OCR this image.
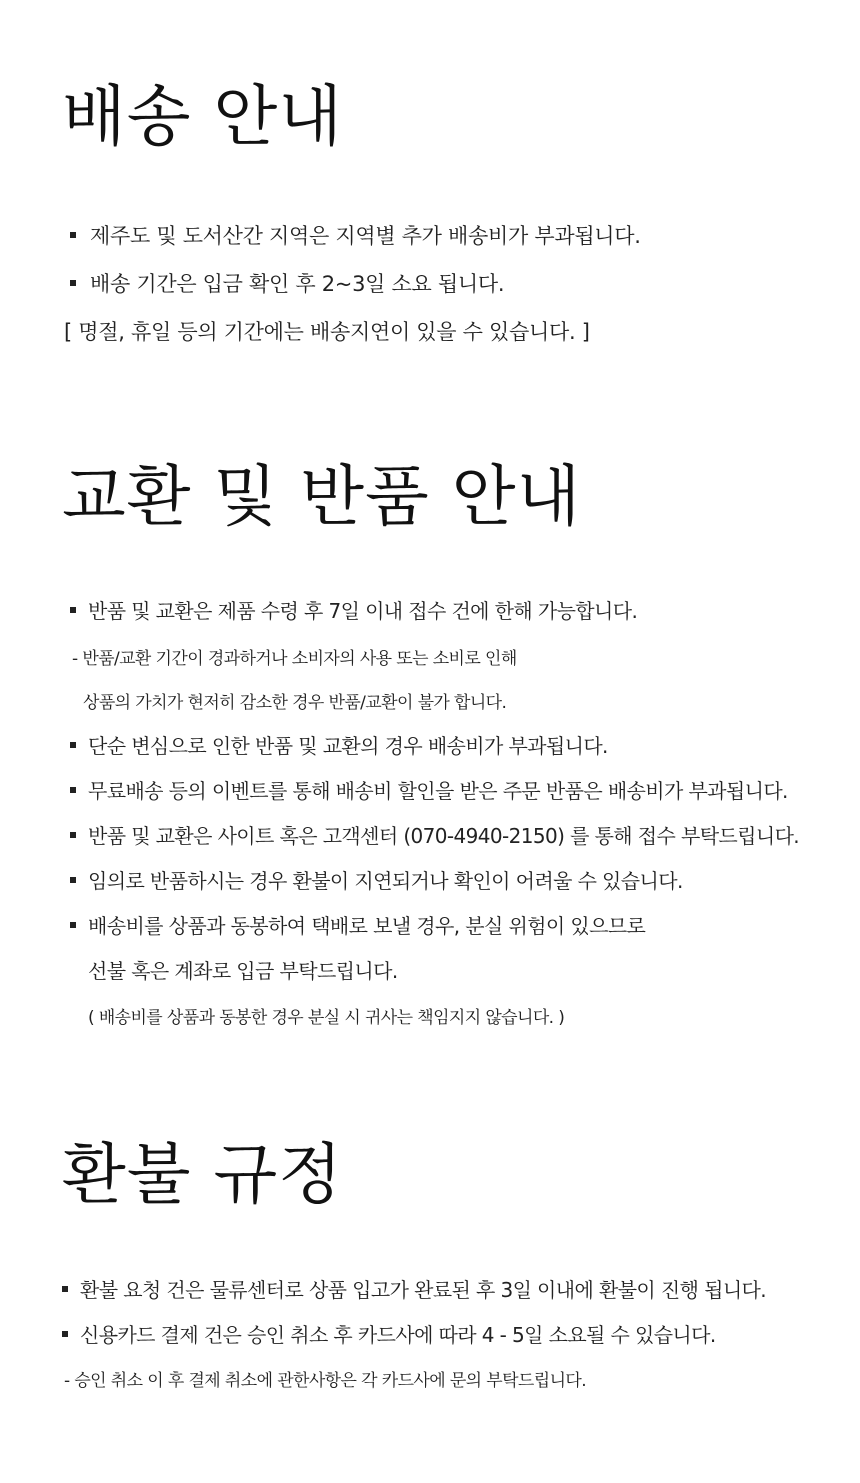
배송 안내
제주도 및 도서산간 지역은 지역별 추가 배송비가 부과됩니다.
배송 기간은 입금 확인 후 2~3일 소요 됩니다.
[ 명절, 휴일 등의 기간에는 배송지연이 있을 수 있습니다. ]
교환 및 반품 안내
반품 및 교환은 제품 수령 후 7일 이내 접수 건에 한해 가능합니다.
- 반품/교환 기간이 경과하거나 소비자의 사용 또는 소비로 인해
상품의 가치가 현저히 감소한 경우 반품/교환이 불가 합니다.
단순 변심으로 인한 반품 및 교환의 경우 배송비가 부과됩니다.
무료배송 등의 이벤트를 통해 배송비 할인을 받은 주문 반품은 배송비가 부과됩니다.
반품 및 교환은 사이트 혹은 고객센터 (070-4940-2150) 를 통해 접수 부탁드립니다.
임의로 반품하시는 경우 환불이 지연되거나 확인이 어려울 수 있습니다.
배송비를 상품과 동봉하여 택배로 보낼 경우, 분실 위험이 있으므로
선불 혹은 계좌로 입금 부탁드립니다.
( 배송비를 상품과 동봉한 경우 분실 시 귀사는 책임지지 않습니다. )
환불 규정
환불 요청 건은 물류센터로 상품 입고가 완료된 후 3일 이내에 환불이 진행 됩니다.
신용카드 결제 건은 승인 취소 후 카드사에 따라 4 - 5일 소요될 수 있습니다.
- 승인 취소 이 후 결제 취소에 관한사항은 각 카드사에 문의 부탁드립니다.
